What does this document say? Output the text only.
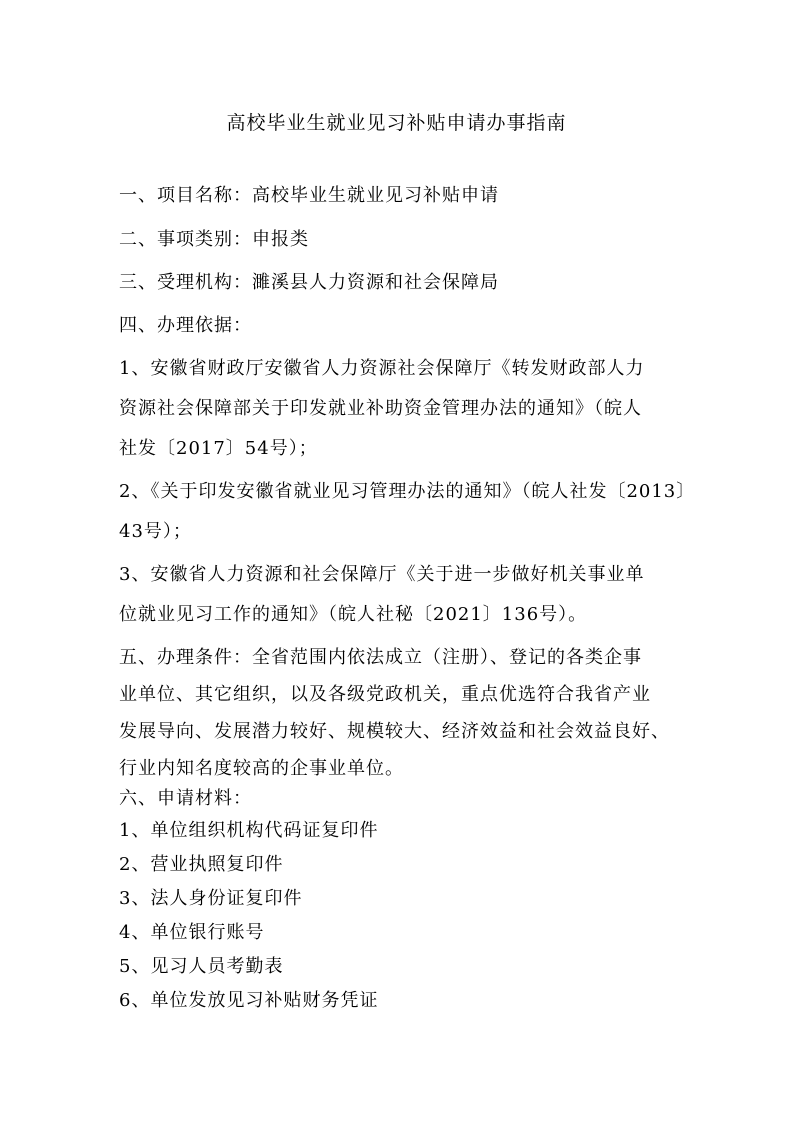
高校毕业生就业见习补贴申请办事指南
一、项目名称：高校毕业生就业见习补贴申请
二、事项类别：申报类
三、受理机构：濉溪县人力资源和社会保障局
四、办理依据：
1、安徽省财政厅安徽省人力资源社会保障厅《转发财政部人力
资源社会保障部关于印发就业补助资金管理办法的通知》（皖人
社发〔2017〕54号）；
2、《关于印发安徽省就业见习管理办法的通知》（皖人社发〔2013〕
43号）；
3、安徽省人力资源和社会保障厅《关于进一步做好机关事业单
位就业见习工作的通知》（皖人社秘〔2021〕136号）。
五、办理条件：全省范围内依法成立（注册）、登记的各类企事
业单位、其它组织，以及各级党政机关，重点优选符合我省产业
发展导向、发展潜力较好、规模较大、经济效益和社会效益良好、
行业内知名度较高的企事业单位。
六、申请材料：
1、单位组织机构代码证复印件
2、营业执照复印件
3、法人身份证复印件
4、单位银行账号
5、见习人员考勤表
6、单位发放见习补贴财务凭证
